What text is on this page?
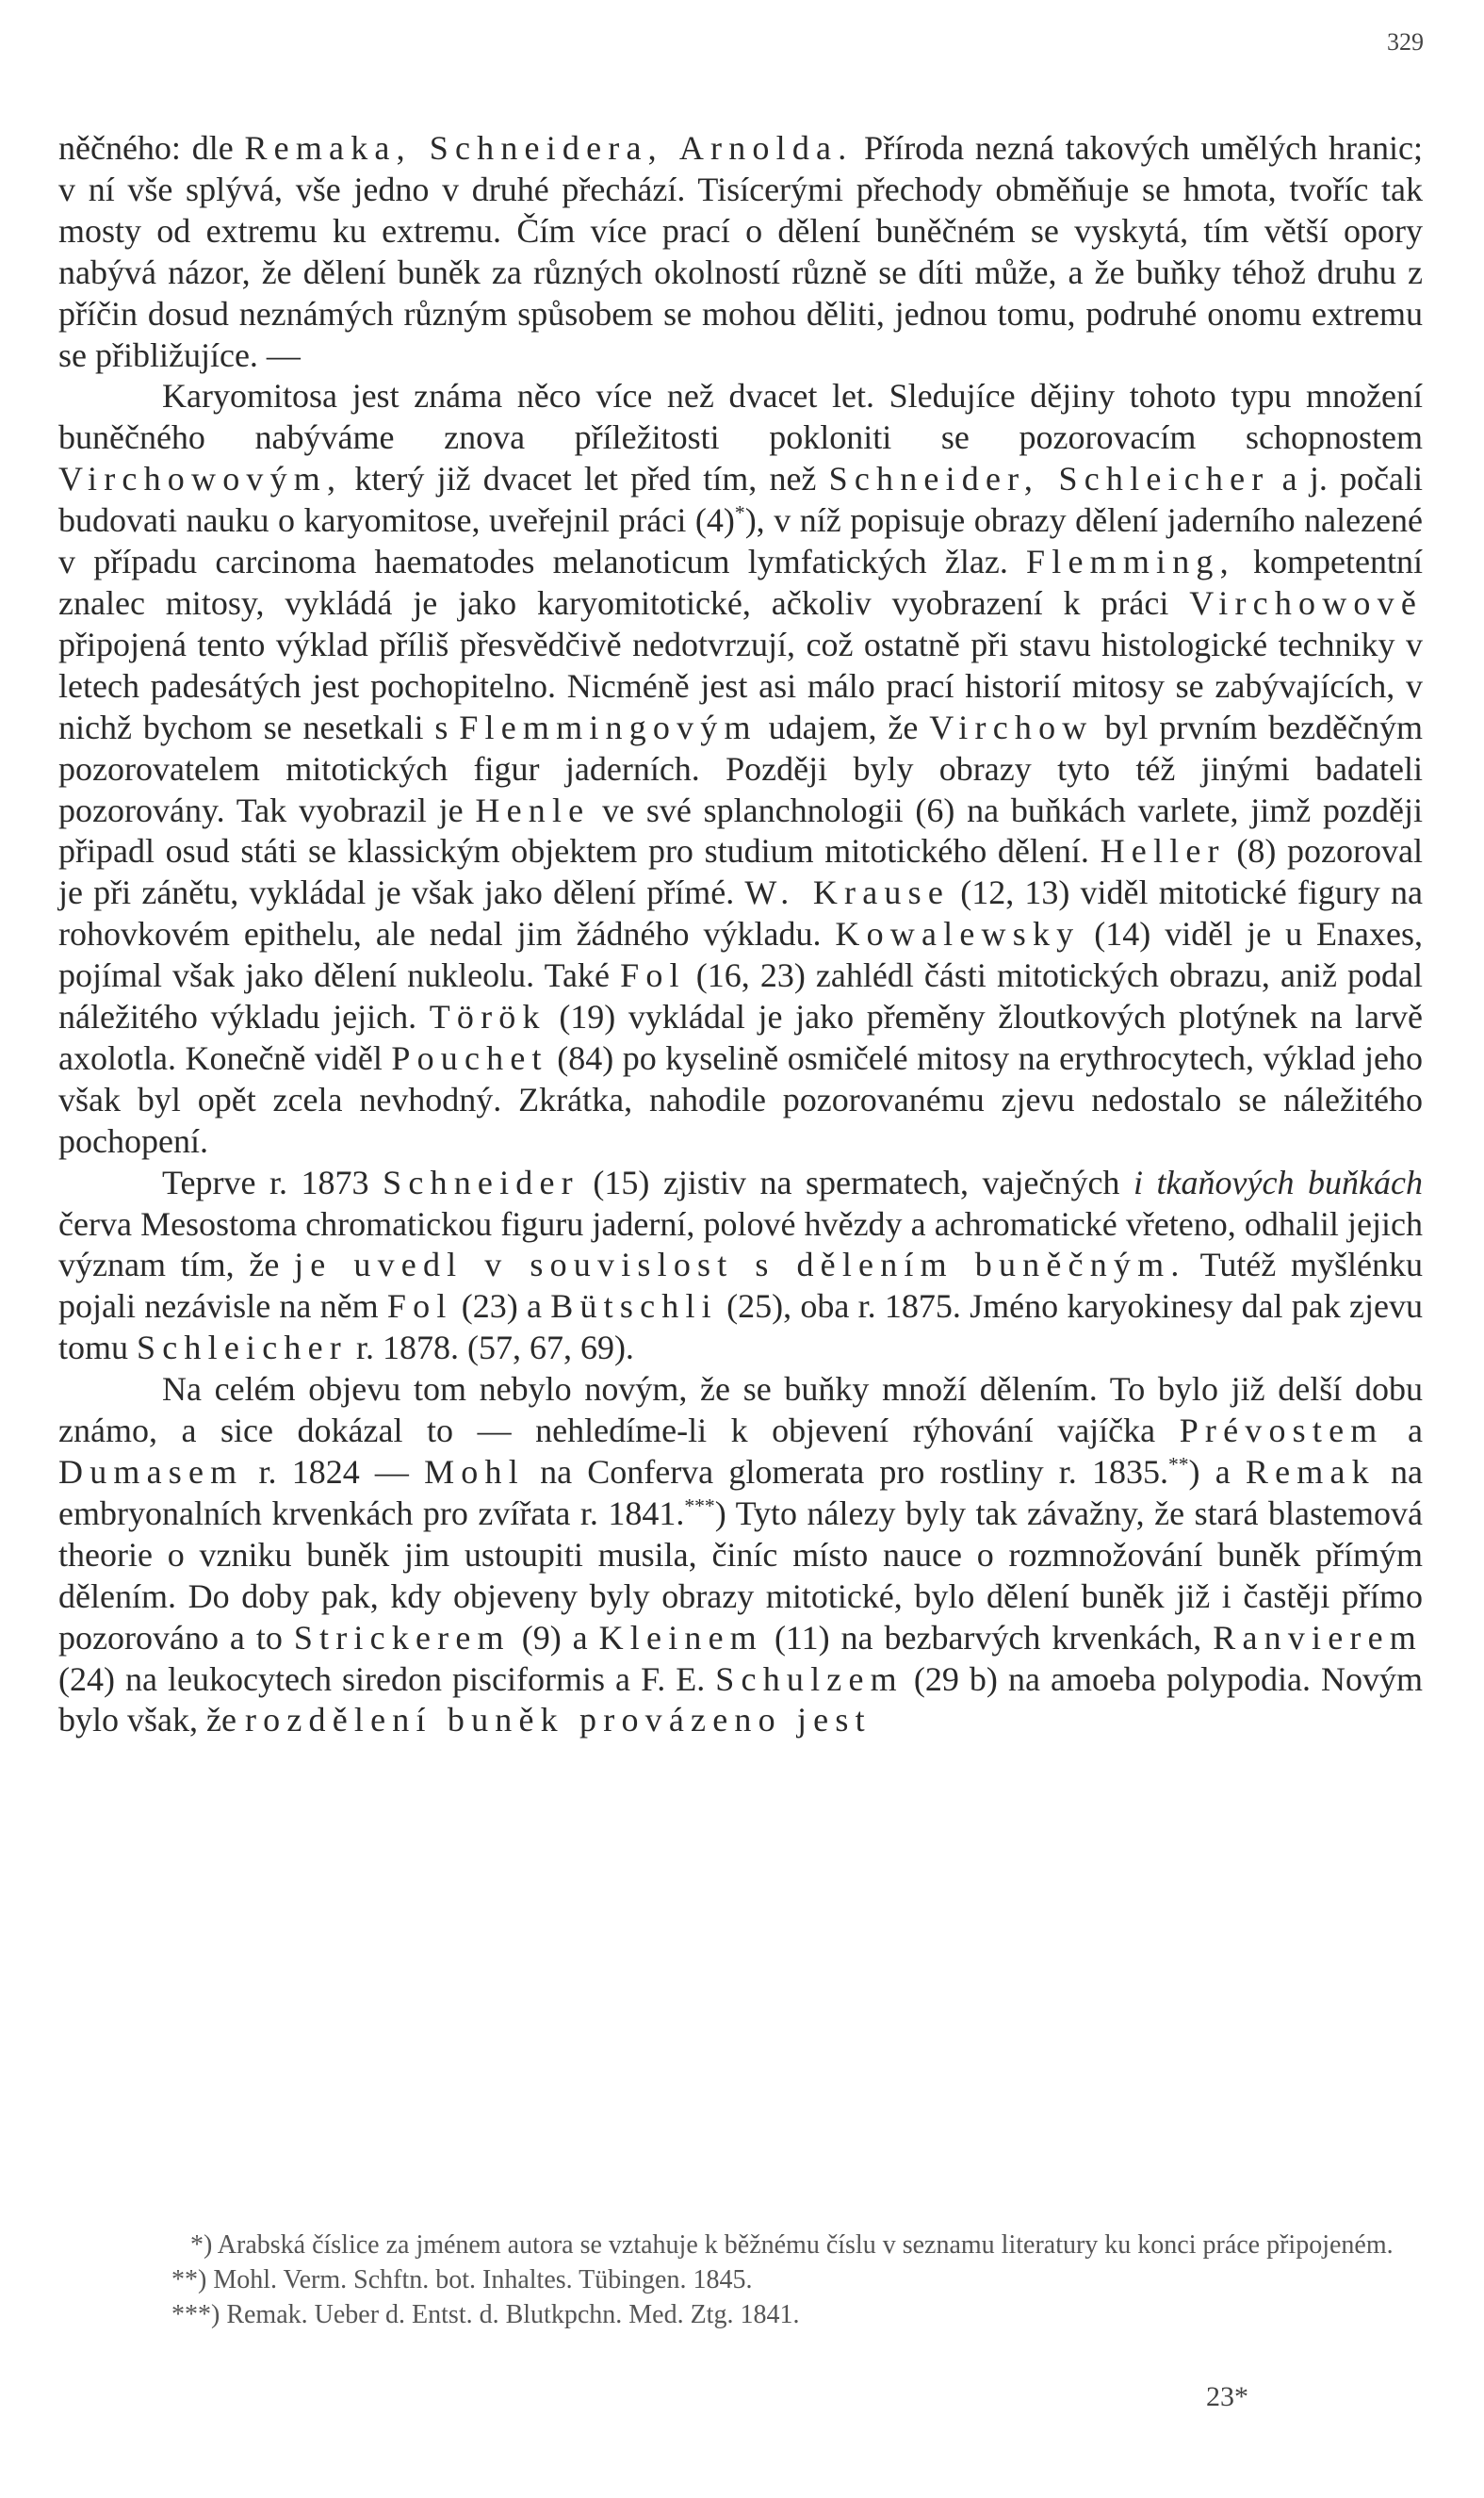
329

něčného: dle Remaka, Schneidera, Arnolda. Příroda nezná takových umělých hranic; v ní vše splývá, vše jedno v druhé přechází. Tisícerými přechody obměňuje se hmota, tvoříc tak mosty od extremu ku extremu. Čím více prací o dělení buněčném se vyskytá, tím větší opory nabývá názor, že dělení buněk za různých okolností různě se díti může, a že buňky téhož druhu z příčin dosud neznámých různým spůsobem se mohou děliti, jednou tomu, podruhé onomu extremu se přibližujíce. —

Karyomitosa jest známa něco více než dvacet let. Sledujíce dějiny tohoto typu množení buněčného nabýváme znova příležitosti pokloniti se pozorovacím schopnostem Virchowovým, který již dvacet let před tím, než Schneider, Schleicher a j. počali budovati nauku o karyomitose, uveřejnil práci (4)*), v níž popisuje obrazy dělení jaderního nalezené v případu carcinoma haematodes melanoticum lymfatických žlaz. Flemming, kompetentní znalec mitosy, vykládá je jako karyomitotické, ačkoliv vyobrazení k práci Virchowově připojená tento výklad příliš přesvědčivě nedotvrzují, což ostatně při stavu histologické techniky v letech padesátých jest pochopitelno. Nicméně jest asi málo prací historií mitosy se zabývajících, v nichž bychom se nesetkali s Flemmingovým udajem, že Virchow byl prvním bezděčným pozorovatelem mitotických figur jaderních. Později byly obrazy tyto též jinými badateli pozorovány. Tak vyobrazil je Henle ve své splanchnologii (6) na buňkách varlete, jimž později připadl osud státi se klassickým objektem pro studium mitotického dělení. Heller (8) pozoroval je při zánětu, vykládal je však jako dělení přímé. W. Krause (12, 13) viděl mitotické figury na rohovkovém epithelu, ale nedal jim žádného výkladu. Kowalewsky (14) viděl je u Enaxes, pojímal však jako dělení nukleolu. Také Fol (16, 23) zahlédl části mitotických obrazu, aniž podal náležitého výkladu jejich. Török (19) vykládal je jako přeměny žloutkových plotýnek na larvě axolotla. Konečně viděl Pouchet (84) po kyselině osmičelé mitosy na erythrocytech, výklad jeho však byl opět zcela nevhodný. Zkrátka, nahodile pozorovanému zjevu nedostalo se náležitého pochopení.

Teprve r. 1873 Schneider (15) zjistiv na spermatech, vaječných i tkaňových buňkách červa Mesostoma chromatickou figuru jaderní, polové hvězdy a achromatické vřeteno, odhalil jejich význam tím, že je uvedl v souvislost s dělením buněčným. Tutéž myšlénku pojali nezávisle na něm Fol (23) a Bütschli (25), oba r. 1875. Jméno karyokinesy dal pak zjevu tomu Schleicher r. 1878. (57, 67, 69).

Na celém objevu tom nebylo novým, že se buňky množí dělením. To bylo již delší dobu známo, a sice dokázal to — nehledíme-li k objevení rýhování vajíčka Prévostem a Dumasem r. 1824 — Mohl na Conferva glomerata pro rostliny r. 1835.**) a Remak na embryonalních krvenkách pro zvířata r. 1841.***) Tyto nálezy byly tak závažny, že stará blastemová theorie o vzniku buněk jim ustoupiti musila, činíc místo nauce o rozmnožování buněk přímým dělením. Do doby pak, kdy objeveny byly obrazy mitotické, bylo dělení buněk již i častěji přímo pozorováno a to Strickerem (9) a Kleinem (11) na bezbarvých krvenkách, Ranvierem (24) na leukocytech siredon pisciformis a F. E. Schulzem (29 b) na amoeba polypodia. Novým bylo však, že rozdělení buněk provázeno jest

*) Arabská číslice za jménem autora se vztahuje k běžnému číslu v seznamu literatury ku konci práce připojeném.

**) Mohl. Verm. Schftn. bot. Inhaltes. Tübingen. 1845.

***) Remak. Ueber d. Entst. d. Blutkpchn. Med. Ztg. 1841.

23*
